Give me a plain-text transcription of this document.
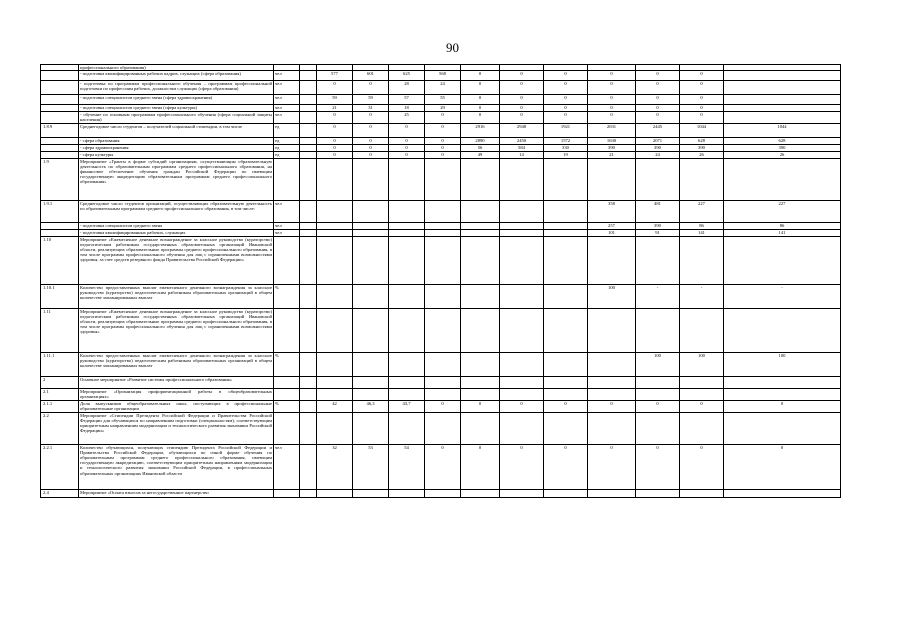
90
	профессионального образования)													
	- подготовка квалифицированных рабочих кадров, служащих (сфера образования)	чел		577	601	625	568	0	0	0	0	0	0	
	- подготовка по программам профессионального обучения – программам профессиональной подготовки по профессиям рабочих, должностям служащих (сфера образования)	чел		0	0	28	24	0	0	0	0	0	0	
	- подготовка специалистов среднего звена (сфера здравоохранения)	чел		59	59	57	55	0	0	0	0	0	0	
	- подготовка специалистов среднего звена (сфера культуры)	чел		21	31	18	29	0	0	0	0	0	0	
	- обучение по основным программам профессионального обучения (сфера социальной защиты населения)	чел		0	0	25	0	0	0	0	0	0	0	
1.8.9	Среднегодовое число студентов – получателей социальной стипендии, в том числе	ед		0	0	0	0	2916	2948	1921	2031	2445	1044	1044
	- сфера образования	ед		0	0	0	0	2890	2450	1572	1630	2071	628	628
	- сфера здравоохранения	ед		0	0	0	0	56	584	330	390	390	390	390
	- сфера культуры	ед		0	0	0	0	49	14	19	21	24	26	26
1.9	Мероприятие «Гранты в форме субсидий организациям, осуществляющим образовательную деятельность по образовательным программам среднего профессионального образования, на финансовое обеспечение обучения граждан Российской Федерации по имеющим государственную аккредитацию образовательным программам среднего профессионального образования»													
1.9.1	Среднегодовое число студентов организаций, осуществляющих образовательную деятельность по образовательным программам среднего профессионального образования, в том числе:	чел									358	481	227	227
	- подготовка специалистов среднего звена	чел									257	390	86	86
	- подготовка квалифицированных рабочих, служащих	чел									101	91	141	141
1.10	Мероприятие «Ежемесячное денежное вознаграждение за классное руководство (кураторство) педагогическим работникам государственных образовательных организаций Ивановской области, реализующих образовательные программы среднего профессионального образования, в том числе программы профессионального обучения для лиц с ограниченными возможностями здоровья, за счет средств резервного фонда Правительства Российской Федерации»													
1.10.1	Количество предоставленных выплат ежемесячного денежного вознаграждения за классное руководство (кураторство) педагогическим работникам образовательных организаций в общем количестве запланированных выплат	%									100	-	-	-
1.11	Мероприятие «Ежемесячное денежное вознаграждение за классное руководство (кураторство) педагогическим работникам государственных образовательных организаций Ивановской области, реализующих образовательные программы среднего профессионального образования, в том числе программы профессионального обучения для лиц с ограниченными возможностями здоровья»													
1.11.1	Количество предоставленных выплат ежемесячного денежного вознаграждения за классное руководство (кураторство) педагогическим работникам образовательных организаций в общем количестве запланированных выплат	%										100	100	100
2	Основное мероприятие «Развитие системы профессионального образования»													
2.1	Мероприятие «Организация профориентационной работы в общеобразовательных организациях»													
2.1.1	Доля выпускников общеобразовательных школ, поступающих в профессиональные образовательные организации	%		42	46,3	43,7	0	0	0	0	0	0	0	0
2.2	Мероприятие «Стипендии Президента Российской Федерации и Правительства Российской Федерации для обучающихся по направлениям подготовки (специальностям), соответствующим приоритетным направлениям модернизации и технологического развития экономики Российской Федерации»													
2.2.1	Количество обучающихся, получающих стипендию Президента Российской Федерации и Правительства Российской Федерации, обучающихся по очной форме обучения по образовательным программам среднего профессионального образования, имеющим государственную аккредитацию, соответствующим приоритетным направлениям модернизации и технологического развития экономики Российской Федерации, в профессиональных образовательных организациях Ивановской области	чел		32	53	54	0	0	0	0	0	0	0	0
2.4	Мероприятие «Оплата взносов за негосударственное партнерство													
